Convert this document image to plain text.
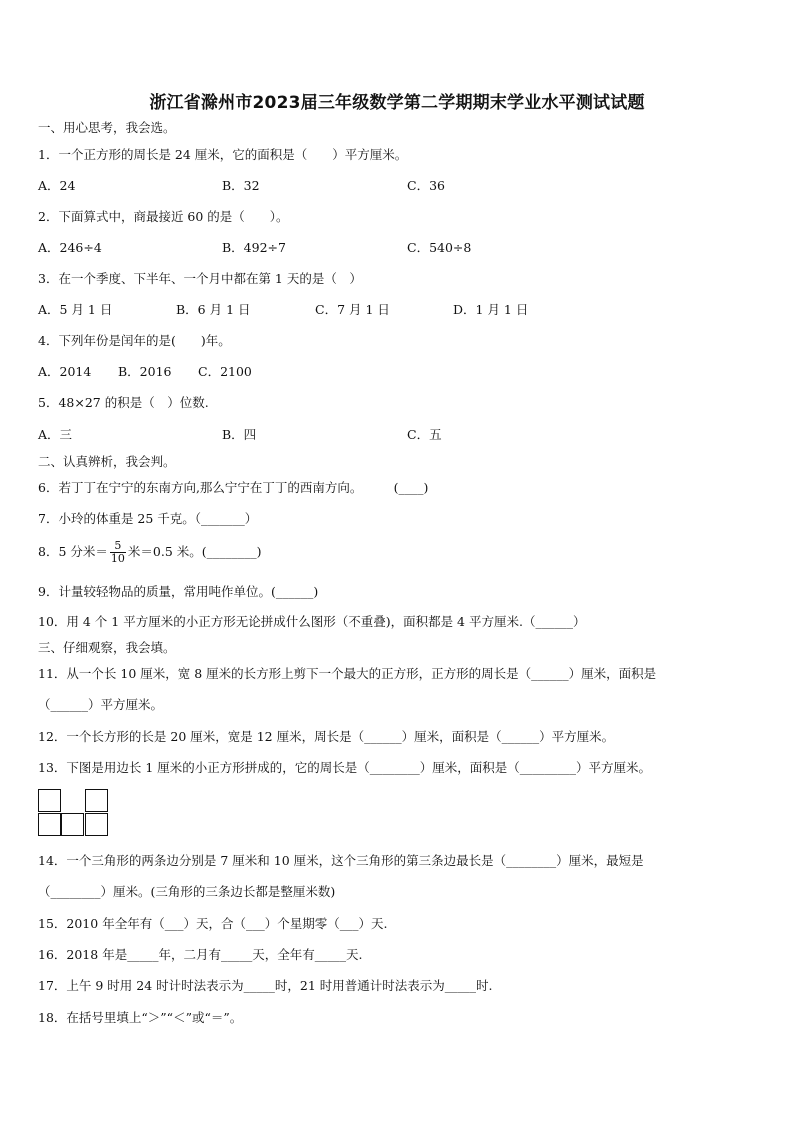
浙江省滁州市2023届三年级数学第二学期期末学业水平测试试题
一、用心思考，我会选。
1．一个正方形的周长是 24 厘米，它的面积是（　　）平方厘米。
A．24	B．32	C．36
2．下面算式中，商最接近 60 的是（　　）。
A．246÷4	B．492÷7	C．540÷8
3．在一个季度、下半年、一个月中都在第 1 天的是（　）
A．5 月 1 日	B．6 月 1 日	C．7 月 1 日	D．1 月 1 日
4．下列年份是闰年的是(　　)年。
A．2014 B．2016 C．2100
5．48×27 的积是（　）位数.
A．三	B．四	C．五
二、认真辨析，我会判。
6．若丁丁在宁宁的东南方向,那么宁宁在丁丁的西南方向。　　　(____)
7．小玲的体重是 25 千克。（_______）
8．5 分米＝ $\frac{5}{10}$ 米＝0.5 米。(________)
9．计量较轻物品的质量，常用吨作单位。(______)
10．用 4 个 1 平方厘米的小正方形无论拼成什么图形（不重叠)，面积都是 4 平方厘米.（______）
三、仔细观察，我会填。
11．从一个长 10 厘米，宽 8 厘米的长方形上剪下一个最大的正方形，正方形的周长是（______）厘米，面积是
（______）平方厘米。
12．一个长方形的长是 20 厘米，宽是 12 厘米，周长是（______）厘米，面积是（______）平方厘米。
13．下图是用边长 1 厘米的小正方形拼成的，它的周长是（________）厘米，面积是（_________）平方厘米。
14．一个三角形的两条边分别是 7 厘米和 10 厘米，这个三角形的第三条边最长是（________）厘米，最短是
（________）厘米。(三角形的三条边长都是整厘米数)
15．2010 年全年有（___）天，合（___）个星期零（___）天.
16．2018 年是_____年，二月有_____天，全年有_____天.
17．上午 9 时用 24 时计时法表示为_____时，21 时用普通计时法表示为_____时.
18．在括号里填上“＞”“＜”或“＝”。
